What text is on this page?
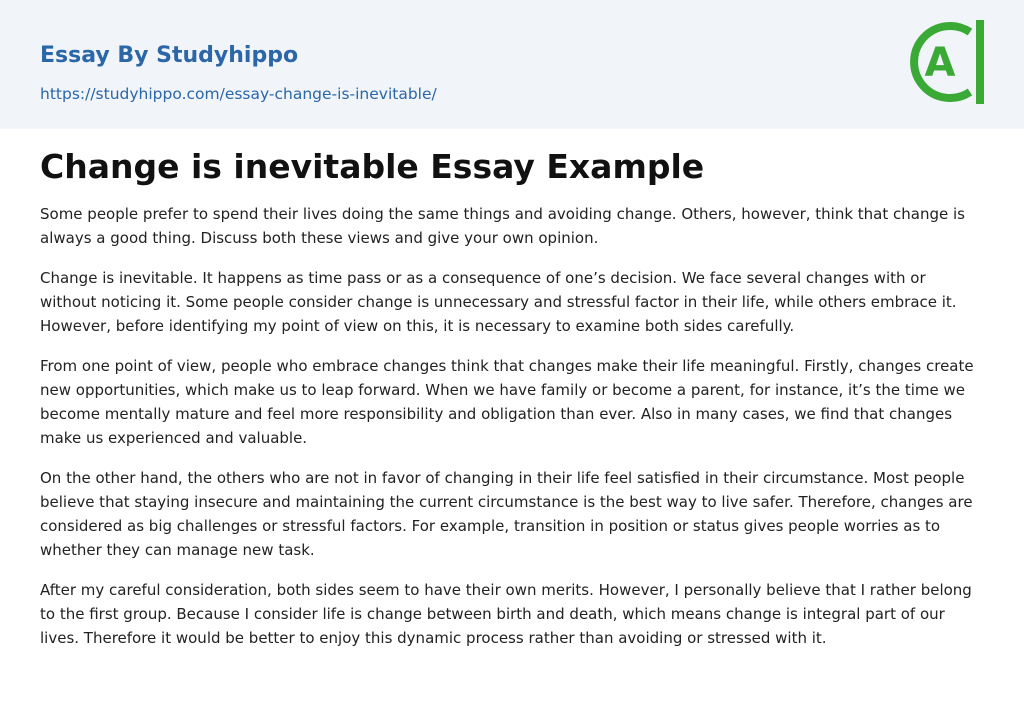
Essay By Studyhippo
https://studyhippo.com/essay-change-is-inevitable/
A
Change is inevitable Essay Example

Some people prefer to spend their lives doing the same things and avoiding change. Others, however, think that change is always a good thing. Discuss both these views and give your own opinion.

Change is inevitable. It happens as time pass or as a consequence of one’s decision. We face several changes with or without noticing it. Some people consider change is unnecessary and stressful factor in their life, while others embrace it. However, before identifying my point of view on this, it is necessary to examine both sides carefully.

From one point of view, people who embrace changes think that changes make their life meaningful. Firstly, changes create new opportunities, which make us to leap forward. When we have family or become a parent, for instance, it’s the time we become mentally mature and feel more responsibility and obligation than ever. Also in many cases, we find that changes make us experienced and valuable.

On the other hand, the others who are not in favor of changing in their life feel satisfied in their circumstance. Most people believe that staying insecure and maintaining the current circumstance is the best way to live safer. Therefore, changes are considered as big challenges or stressful factors. For example, transition in position or status gives people worries as to whether they can manage new task.

After my careful consideration, both sides seem to have their own merits. However, I personally believe that I rather belong to the first group. Because I consider life is change between birth and death, which means change is integral part of our lives. Therefore it would be better to enjoy this dynamic process rather than avoiding or stressed with it.
